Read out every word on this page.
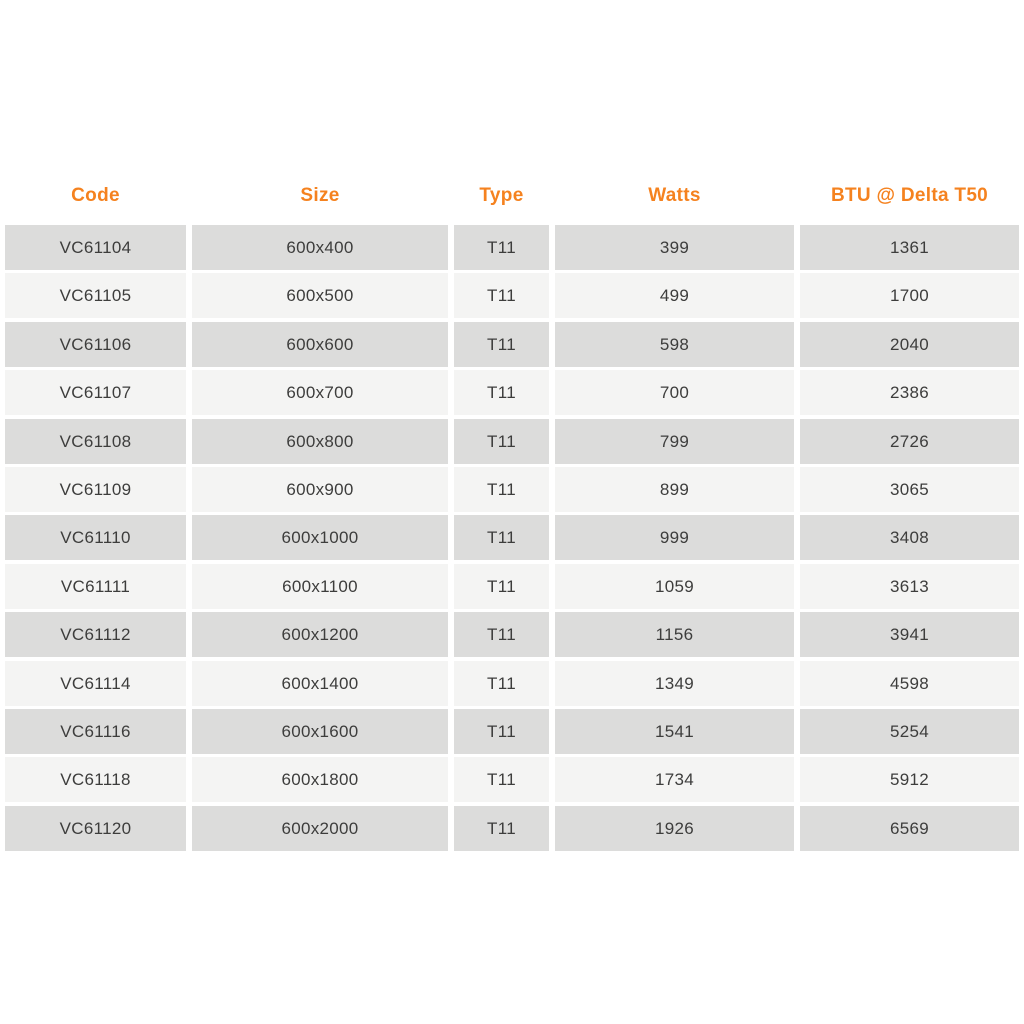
Code	Size	Type	Watts	BTU @ Delta T50
VC61104	600x400	T11	399	1361
VC61105	600x500	T11	499	1700
VC61106	600x600	T11	598	2040
VC61107	600x700	T11	700	2386
VC61108	600x800	T11	799	2726
VC61109	600x900	T11	899	3065
VC61110	600x1000	T11	999	3408
VC61111	600x1100	T11	1059	3613
VC61112	600x1200	T11	1156	3941
VC61114	600x1400	T11	1349	4598
VC61116	600x1600	T11	1541	5254
VC61118	600x1800	T11	1734	5912
VC61120	600x2000	T11	1926	6569
